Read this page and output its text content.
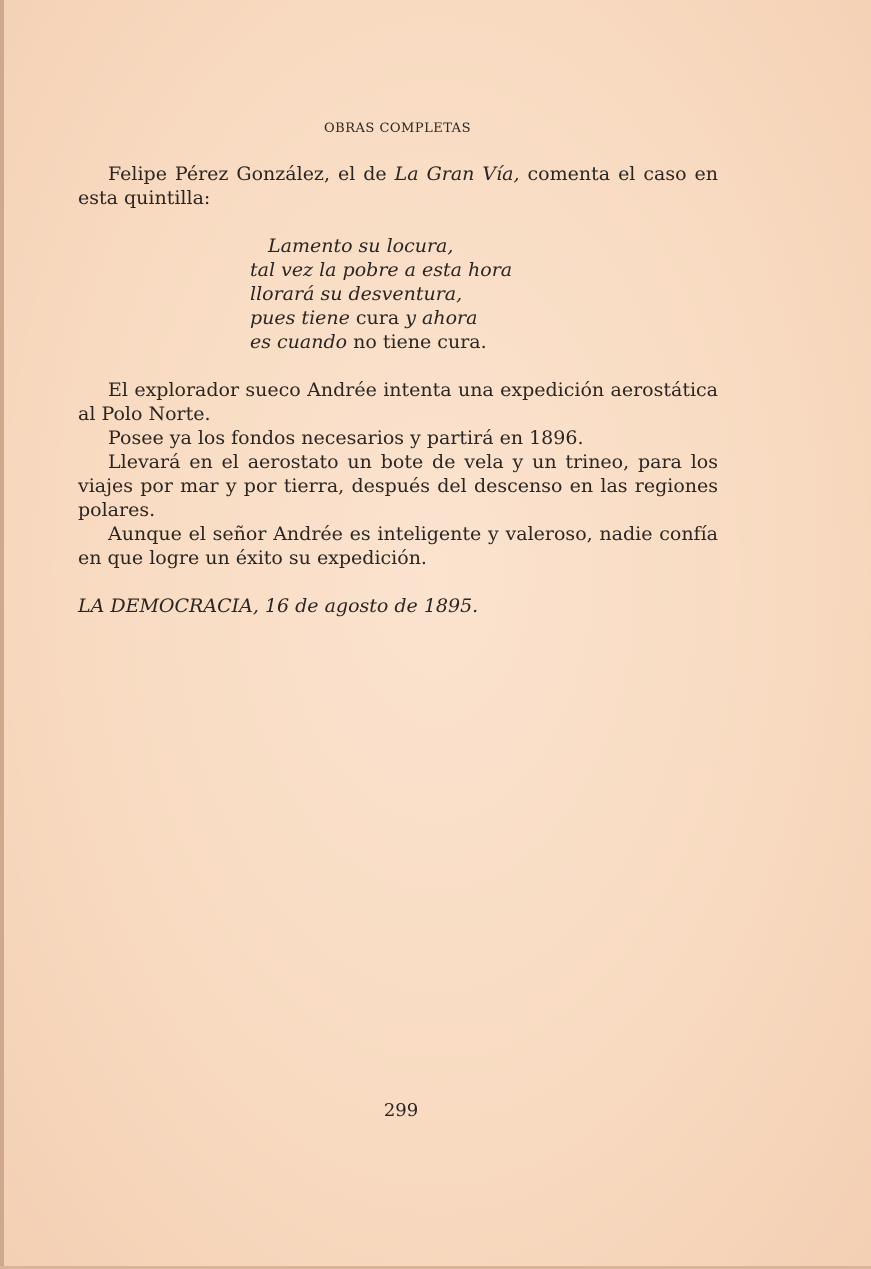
OBRAS COMPLETAS

Felipe Pérez González, el de La Gran Vía, comenta el caso en esta quintilla:

Lamento su locura,
tal vez la pobre a esta hora
llorará su desventura,
pues tiene cura y ahora
es cuando no tiene cura.

El explorador sueco Andrée intenta una expedición aerostática al Polo Norte.

Posee ya los fondos necesarios y partirá en 1896.

Llevará en el aerostato un bote de vela y un trineo, para los viajes por mar y por tierra, después del descenso en las regiones polares.

Aunque el señor Andrée es inteligente y valeroso, nadie confía en que logre un éxito su expedición.

LA DEMOCRACIA, 16 de agosto de 1895.

299
